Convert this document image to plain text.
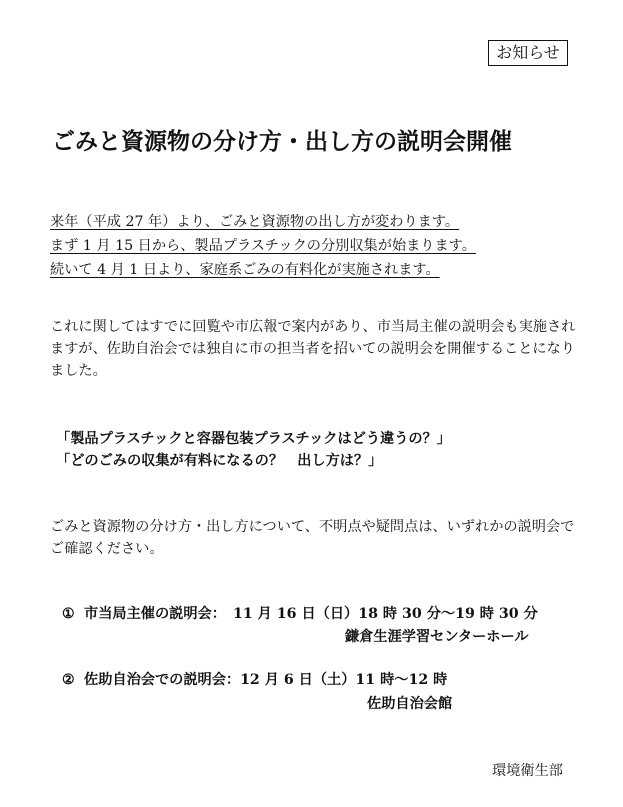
お知らせ
ごみと資源物の分け方・出し方の説明会開催
来年（平成 27 年）より、ごみと資源物の出し方が変わります。
まず 1 月 15 日から、製品プラスチックの分別収集が始まります。
続いて 4 月 1 日より、家庭系ごみの有料化が実施されます。
これに関してはすでに回覧や市広報で案内があり、市当局主催の説明会も実施されますが、佐助自治会では独自に市の担当者を招いての説明会を開催することになりました。
「製品プラスチックと容器包装プラスチックはどう違うの？」
「どのごみの収集が有料になるの？　出し方は？」
ごみと資源物の分け方・出し方について、不明点や疑問点は、いずれかの説明会でご確認ください。
① 市当局主催の説明会：　11 月 16 日（日）18 時 30 分〜19 時 30 分
鎌倉生涯学習センターホール
② 佐助自治会での説明会：12 月 6 日（土）11 時〜12 時
佐助自治会館
環境衛生部
